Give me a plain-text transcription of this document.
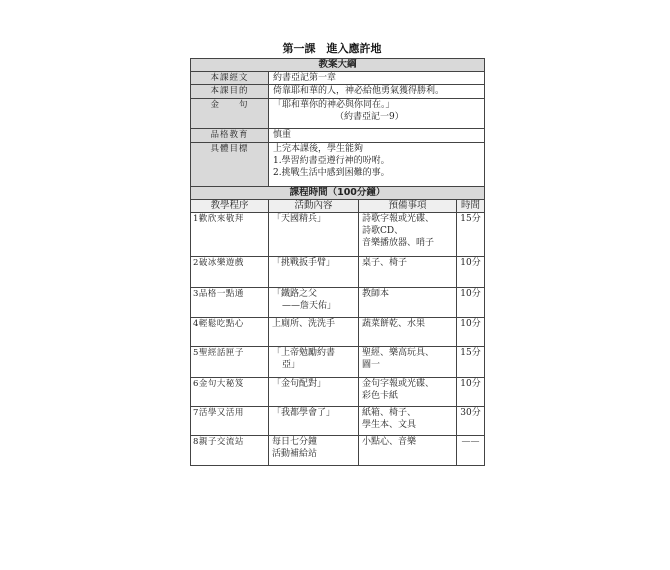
第一課　進入應許地
教案大綱			
本課經文	約書亞記第一章		
本課目的	倚靠耶和華的人，神必給他勇氣獲得勝利。		
金　　句	「耶和華你的神必與你同在。」
（約書亞記一9）		

品格教育	慎重		
具體目標	上完本課後，學生能夠
1.學習約書亞遵行神的吩咐。
2.挑戰生活中感到困難的事。		

課程時間（100分鐘）			
教學程序	活動內容	預備事項	時間
1歡欣來敬拜	「天國精兵」	詩歌字報或光碟、
詩歌CD、
音樂播放器、哨子	15分
2破冰樂遊戲	「挑戰扳手臂」	桌子、椅子	10分
3品格一點通	「鐵路之父
——詹天佑」	教師本	10分
4輕鬆吃點心	上廁所、洗洗手	蔬菜餅乾、水果	10分
5聖經話匣子	「上帝勉勵約書
亞」	聖經、樂高玩具、
圖一	15分
6金句大秘笈	「金句配對」	金句字報或光碟、
彩色卡紙	10分
7活學又活用	「我都學會了」	紙箱、椅子、
學生本、文具	30分
8親子交流站	每日七分鐘
活動補給站	小點心、音樂	——
